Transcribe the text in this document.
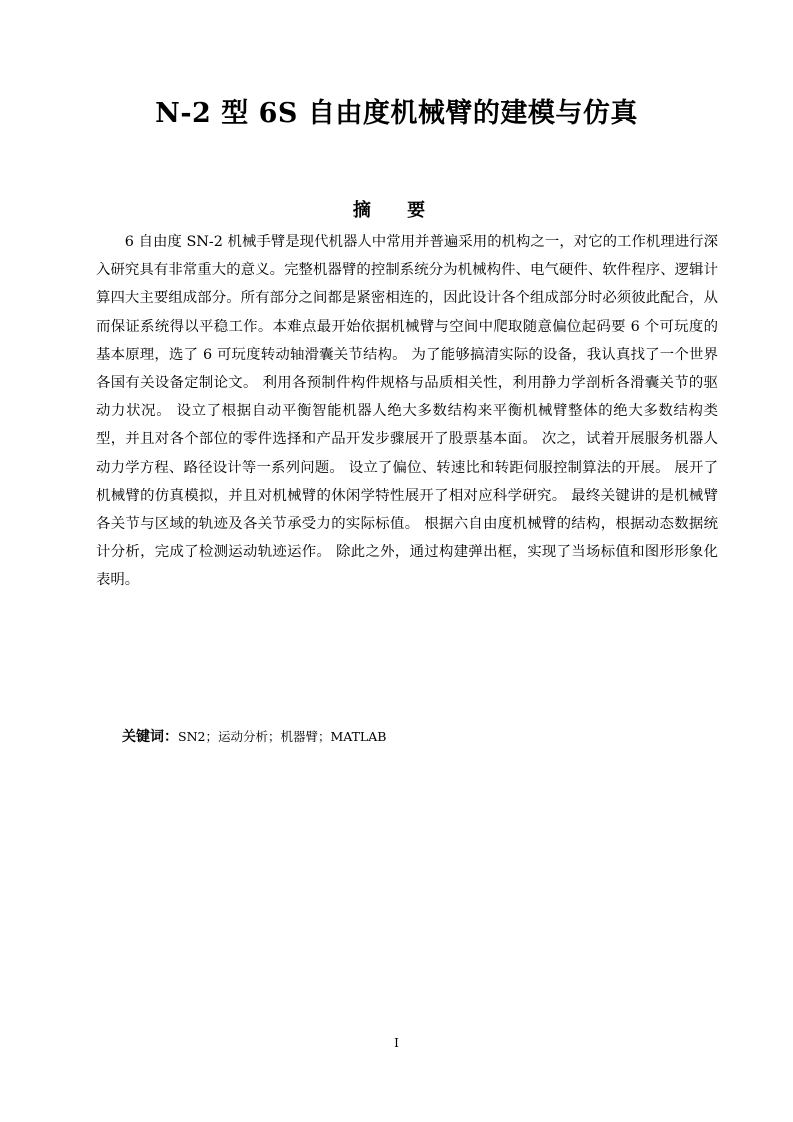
N-2 型 6S 自由度机械臂的建模与仿真
摘 要

6 自由度 SN-2 机械手臂是现代机器人中常用并普遍采用的机构之一，对它的工作机理进行深入研究具有非常重大的意义。完整机器臂的控制系统分为机械构件、电气硬件、软件程序、逻辑计算四大主要组成部分。所有部分之间都是紧密相连的，因此设计各个组成部分时必须彼此配合，从而保证系统得以平稳工作。本难点最开始依据机械臂与空间中爬取随意偏位起码要 6 个可玩度的基本原理，选了 6 可玩度转动轴滑囊关节结构。 为了能够搞清实际的设备，我认真找了一个世界各国有关设备定制论文。 利用各预制件构件规格与品质相关性，利用静力学剖析各滑囊关节的驱动力状况。 设立了根据自动平衡智能机器人绝大多数结构来平衡机械臂整体的绝大多数结构类型，并且对各个部位的零件选择和产品开发步骤展开了股票基本面。 次之，试着开展服务机器人动力学方程、路径设计等一系列问题。 设立了偏位、转速比和转距伺服控制算法的开展。 展开了机械臂的仿真模拟，并且对机械臂的休闲学特性展开了相对应科学研究。 最终关键讲的是机械臂各关节与区域的轨迹及各关节承受力的实际标值。 根据六自由度机械臂的结构，根据动态数据统计分析，完成了检测运动轨迹运作。 除此之外，通过构建弹出框，实现了当场标值和图形形象化表明。

关键词：SN2；运动分析；机器臂；MATLAB

I
